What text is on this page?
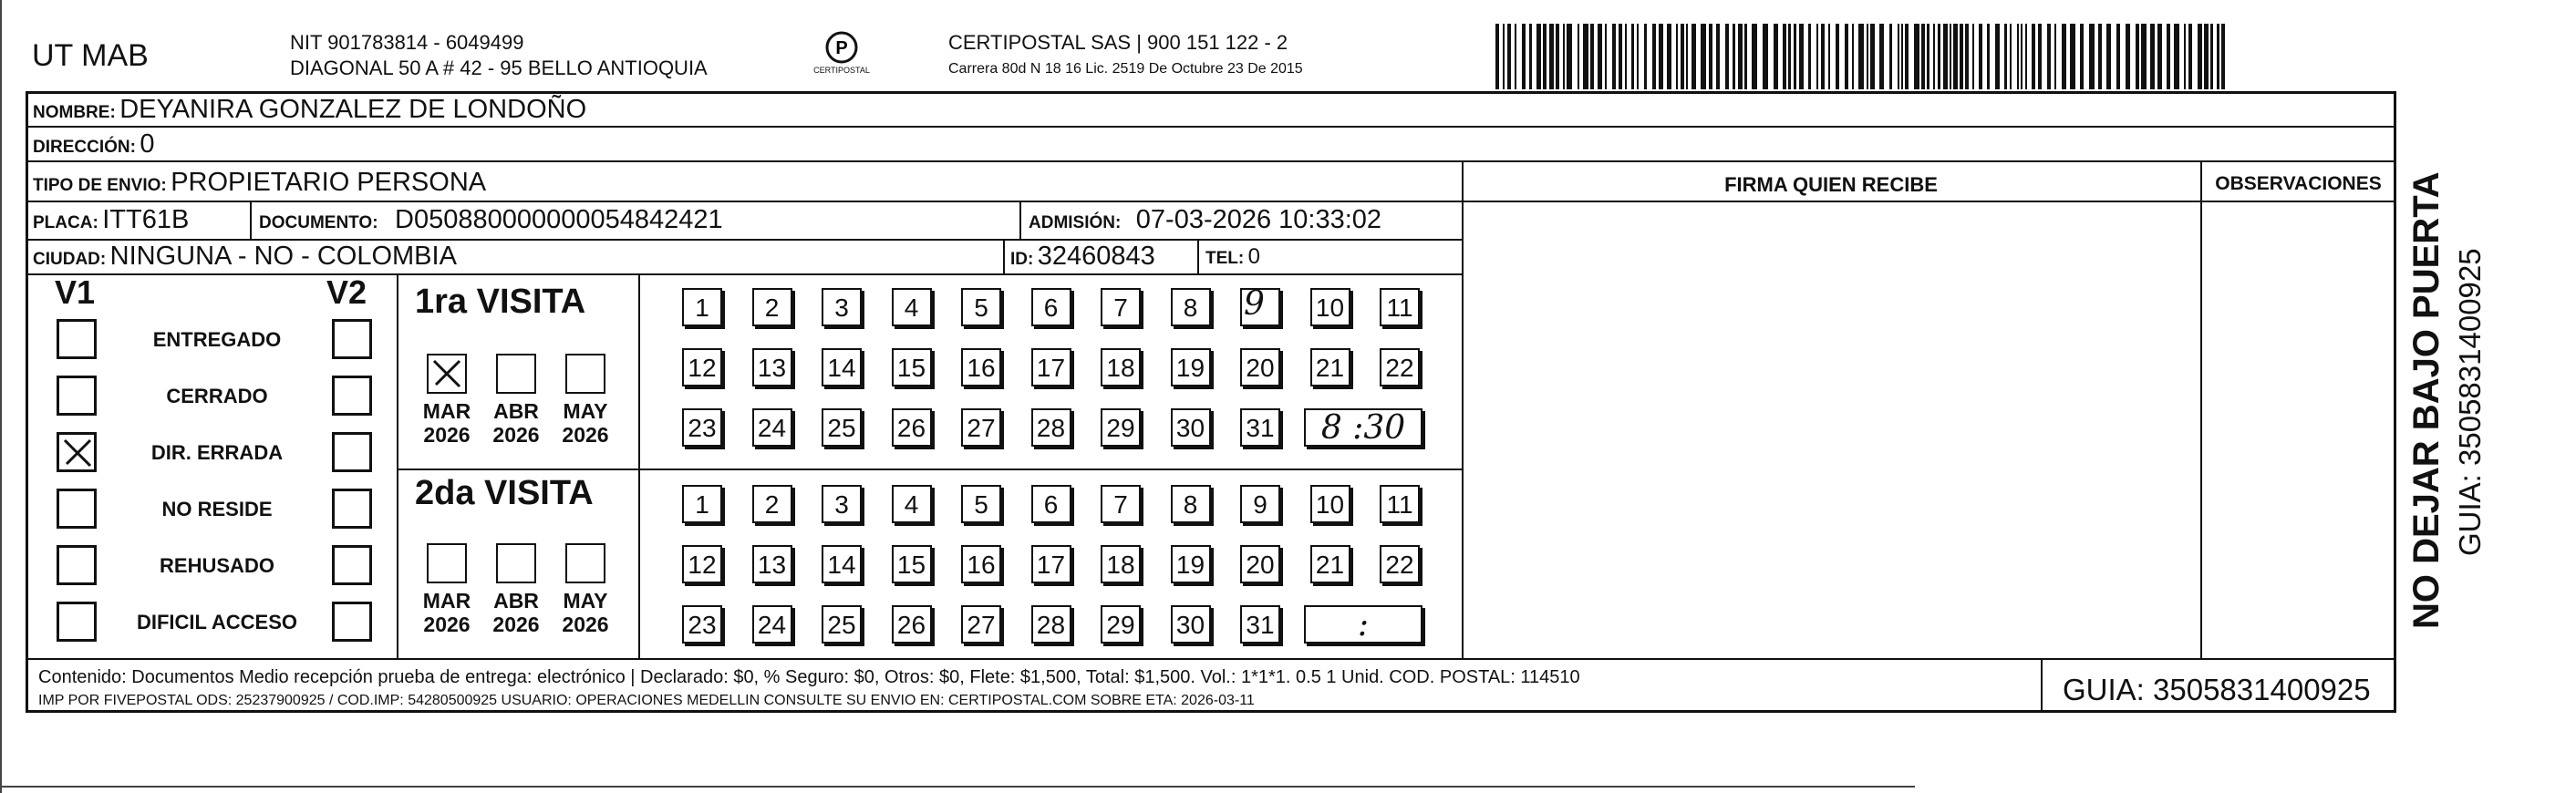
UT MAB	NIT 901783814 - 6049499
DIAGONAL 50 A # 42 - 95 BELLO ANTIOQUIA
P
CERTIPOSTAL
CERTIPOSTAL SAS | 900 151 122 - 2
Carrera 80d N 18 16 Lic. 2519 De Octubre 23 De 2015
NOMBRE: DEYANIRA GONZALEZ DE LONDOÑO
DIRECCIÓN: 0
TIPO DE ENVIO: PROPIETARIO PERSONA	FIRMA QUIEN RECIBE	OBSERVACIONES
PLACA: ITT61B	DOCUMENTO: D050880000000054842421	ADMISIÓN: 07-03-2026 10:33:02
CIUDAD: NINGUNA - NO - COLOMBIA	ID: 32460843	TEL: 0
V1	V2
ENTREGADO
CERRADO
DIR. ERRADA
NO RESIDE
REHUSADO
DIFICIL ACCESO
1ra VISITA
MAR
2026
ABR
2026
MAY
2026
1	2	3	4	5	6	7	8	9 10 11
12 13 14 15 16 17 18 19 20 21 22
23 24 25 26 27 28 29 30 31	8 :30
2da VISITA
MAR
2026
ABR
2026
MAY
2026
1	2	3	4	5	6	7	8	9	10 11
12 13 14 15 16 17 18 19 20 21 22
23 24 25 26 27 28 29 30 31	:
Contenido: Documentos Medio recepción prueba de entrega: electrónico | Declarado: $0, % Seguro: $0, Otros: $0, Flete: $1,500, Total: $1,500. Vol.: 1*1*1. 0.5 1 Unid. COD. POSTAL: 114510
IMP POR FIVEPOSTAL ODS: 25237900925 / COD.IMP: 54280500925 USUARIO: OPERACIONES MEDELLIN CONSULTE SU ENVIO EN: CERTIPOSTAL.COM SOBRE ETA: 2026-03-11	GUIA: 3505831400925
NO DEJAR BAJO PUERTA GUIA: 3505831400925
